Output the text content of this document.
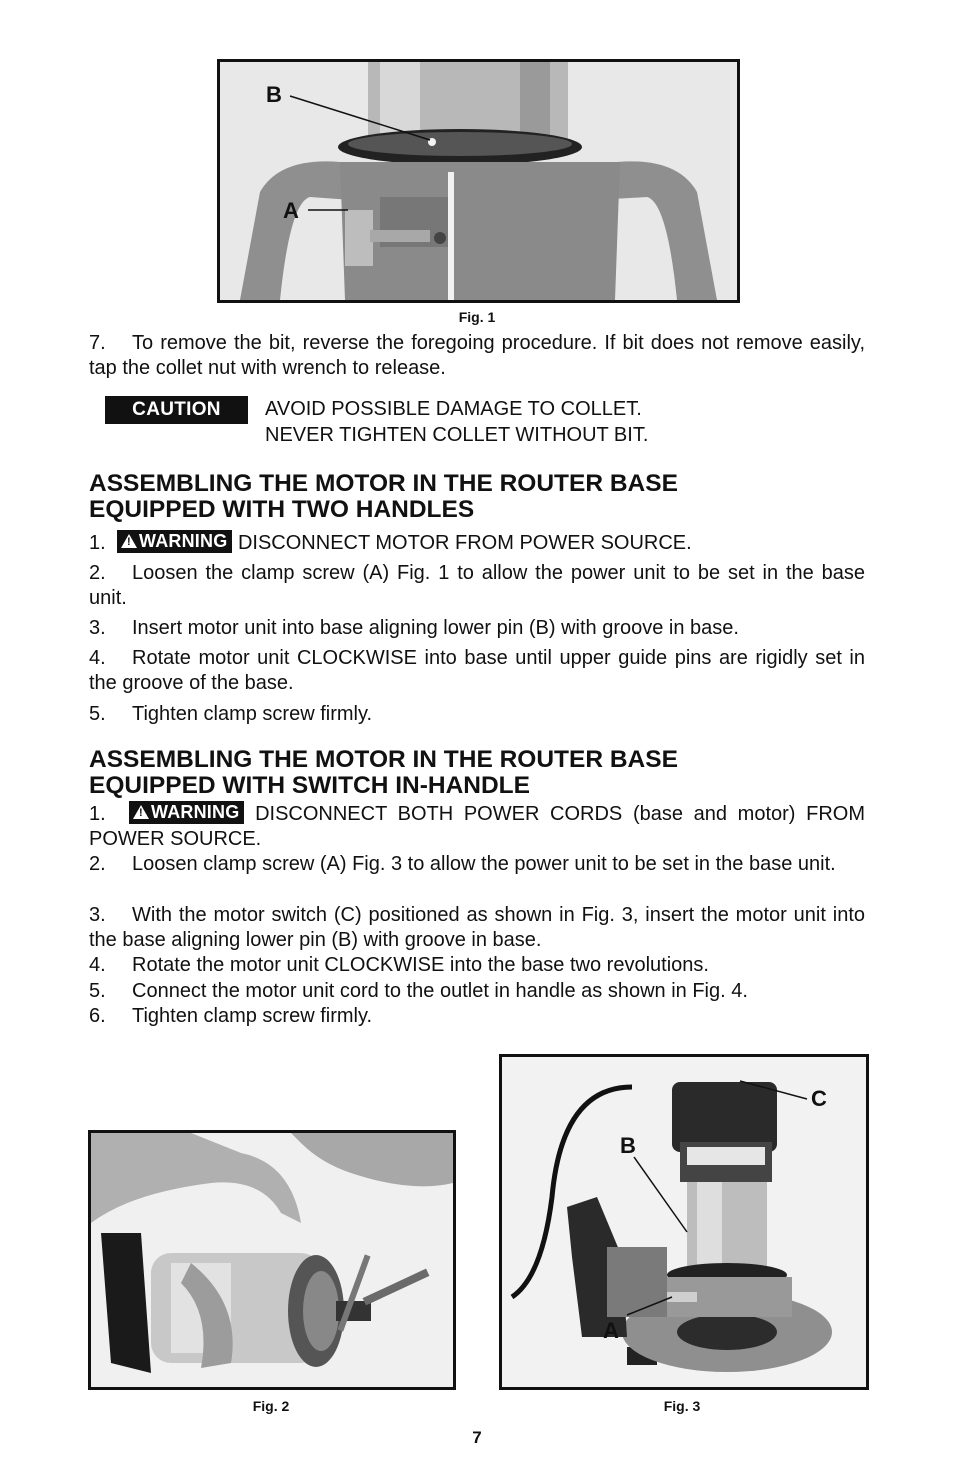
B
A
Fig. 1

7. To remove the bit, reverse the foregoing procedure. If bit does not remove easily, tap the collet nut with wrench to release.

CAUTION	AVOID POSSIBLE DAMAGE TO COLLET.
NEVER TIGHTEN COLLET WITHOUT BIT.
ASSEMBLING THE MOTOR IN THE ROUTER BASE
EQUIPPED WITH TWO HANDLES

1. ! WARNING DISCONNECT MOTOR FROM POWER SOURCE.

2. Loosen the clamp screw (A) Fig. 1 to allow the power unit to be set in the base unit.

3. Insert motor unit into base aligning lower pin (B) with groove in base.

4. Rotate motor unit CLOCKWISE into base until upper guide pins are rigidly set in the groove of the base.

5. Tighten clamp screw firmly.

ASSEMBLING THE MOTOR IN THE ROUTER BASE
EQUIPPED WITH SWITCH IN-HANDLE

1.	! WARNING DISCONNECT BOTH POWER CORDS (base and motor) FROM POWER SOURCE.

2. Loosen clamp screw (A) Fig. 3 to allow the power unit to be set in the base unit.

3. With the motor switch (C) positioned as shown in Fig. 3, insert the motor unit into the base aligning lower pin (B) with groove in base.

4. Rotate the motor unit CLOCKWISE into the base two revolutions.

5. Connect the motor unit cord to the outlet in handle as shown in Fig. 4.

6. Tighten clamp screw firmly.

Fig. 2
C
B
A
Fig. 3
7
